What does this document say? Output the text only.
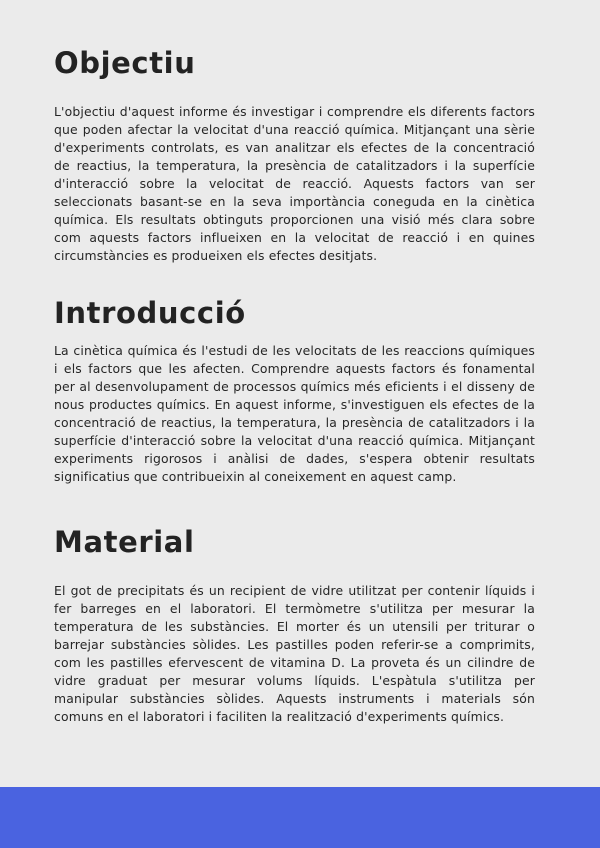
Objectiu

L'objectiu d'aquest informe és investigar i comprendre els diferents factors que poden afectar la velocitat d'una reacció química. Mitjançant una sèrie d'experiments controlats, es van analitzar els efectes de la concentració de reactius, la temperatura, la presència de catalitzadors i la superfície d'interacció sobre la velocitat de reacció. Aquests factors van ser seleccionats basant-se en la seva importància coneguda en la cinètica química. Els resultats obtinguts proporcionen una visió més clara sobre com aquests factors influeixen en la velocitat de reacció i en quines circumstàncies es produeixen els efectes desitjats.

Introducció

La cinètica química és l'estudi de les velocitats de les reaccions químiques i els factors que les afecten. Comprendre aquests factors és fonamental per al desenvolupament de processos químics més eficients i el disseny de nous productes químics. En aquest informe, s'investiguen els efectes de la concentració de reactius, la temperatura, la presència de catalitzadors i la superfície d'interacció sobre la velocitat d'una reacció química. Mitjançant experiments rigorosos i anàlisi de dades, s'espera obtenir resultats significatius que contribueixin al coneixement en aquest camp.

Material

El got de precipitats és un recipient de vidre utilitzat per contenir líquids i fer barreges en el laboratori. El termòmetre s'utilitza per mesurar la temperatura de les substàncies. El morter és un utensili per triturar o barrejar substàncies sòlides. Les pastilles poden referir-se a comprimits, com les pastilles efervescent de vitamina D. La proveta és un cilindre de vidre graduat per mesurar volums líquids. L'espàtula s'utilitza per manipular substàncies sòlides. Aquests instruments i materials són comuns en el laboratori i faciliten la realització d'experiments químics.
